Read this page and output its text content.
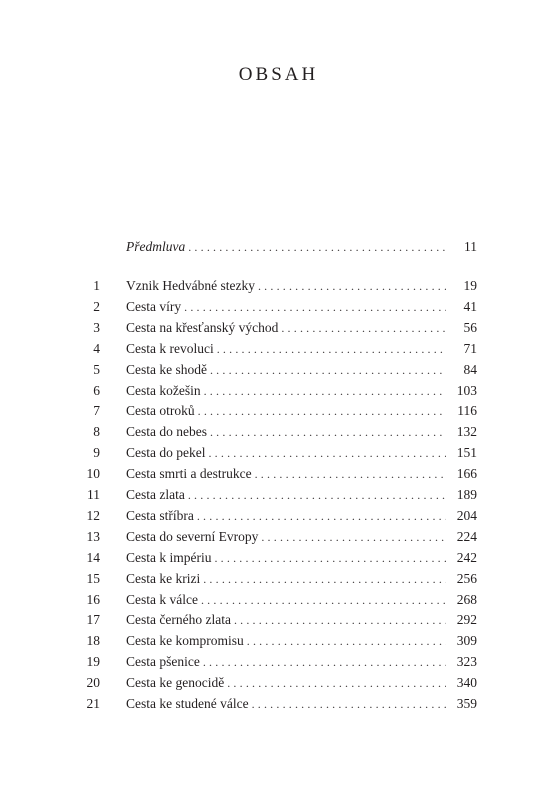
OBSAH
Předmluva .....	11
1 Vznik Hedvábné stezky .....	19
2 Cesta víry .....	41
3 Cesta na křesťanský východ .....	56
4 Cesta k revoluci .....	71
5 Cesta ke shodě .....	84
6 Cesta kožešin .....	103
7 Cesta otroků .....	116
8 Cesta do nebes .....	132
9 Cesta do pekel .....	151
10 Cesta smrti a destrukce .....	166
11 Cesta zlata .....	189
12 Cesta stříbra .....	204
13 Cesta do severní Evropy .....	224
14 Cesta k impériu .....	242
15 Cesta ke krizi .....	256
16 Cesta k válce .....	268
17 Cesta černého zlata .....	292
18 Cesta ke kompromisu .....	309
19 Cesta pšenice .....	323
20 Cesta ke genocidě .....	340
21 Cesta ke studené válce .....	359
